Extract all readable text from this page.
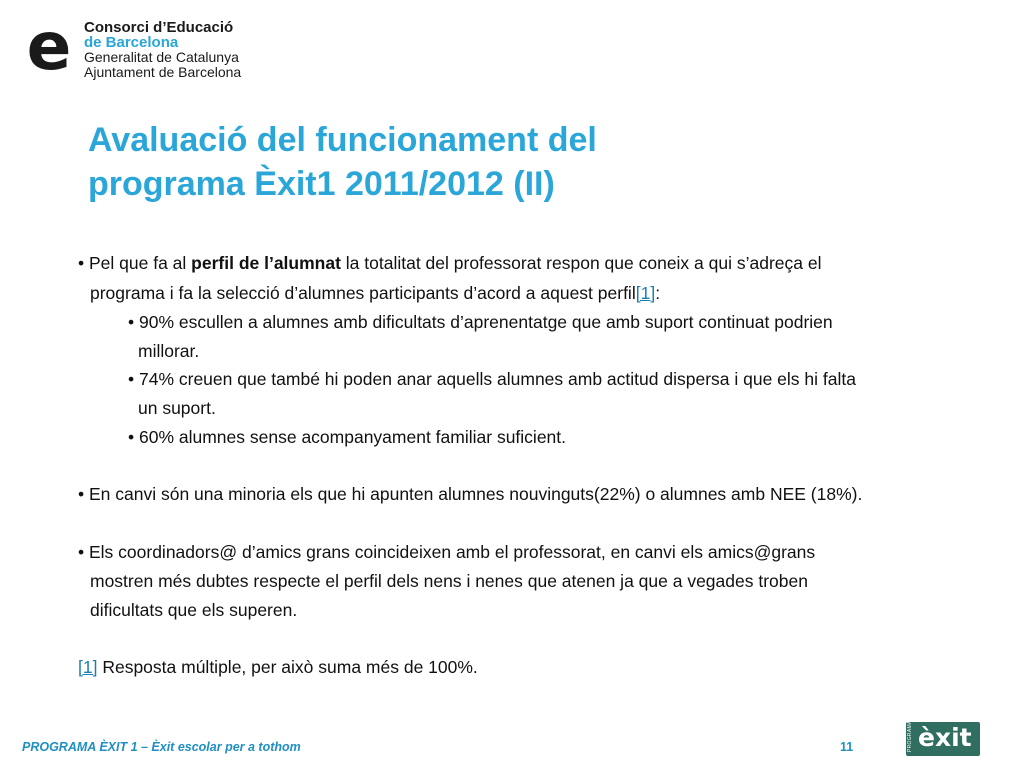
e Consorci d’Educació
de Barcelona
Generalitat de Catalunya
Ajuntament de Barcelona
Avaluació del funcionament del
programa Èxit1 2011/2012 (II)
• Pel que fa al perfil de l’alumnat la totalitat del professorat respon que coneix a qui s’adreça el
programa i fa la selecció d’alumnes participants d’acord a aquest perfil[1]:
• 90% escullen a alumnes amb dificultats d’aprenentatge que amb suport continuat podrien
millorar.
• 74% creuen que també hi poden anar aquells alumnes amb actitud dispersa i que els hi falta
un suport.
• 60% alumnes sense acompanyament familiar suficient.
• En canvi són una minoria els que hi apunten alumnes nouvinguts(22%) o alumnes amb NEE (18%).
• Els coordinadors@ d’amics grans coincideixen amb el professorat, en canvi els amics@grans
mostren més dubtes respecte el perfil dels nens i nenes que atenen ja que a vegades troben
dificultats que els superen.
[1] Resposta múltiple, per això suma més de 100%.
PROGRAMA ÈXIT 1 – Èxit escolar per a tothom	11	PROGRAMA èxit
